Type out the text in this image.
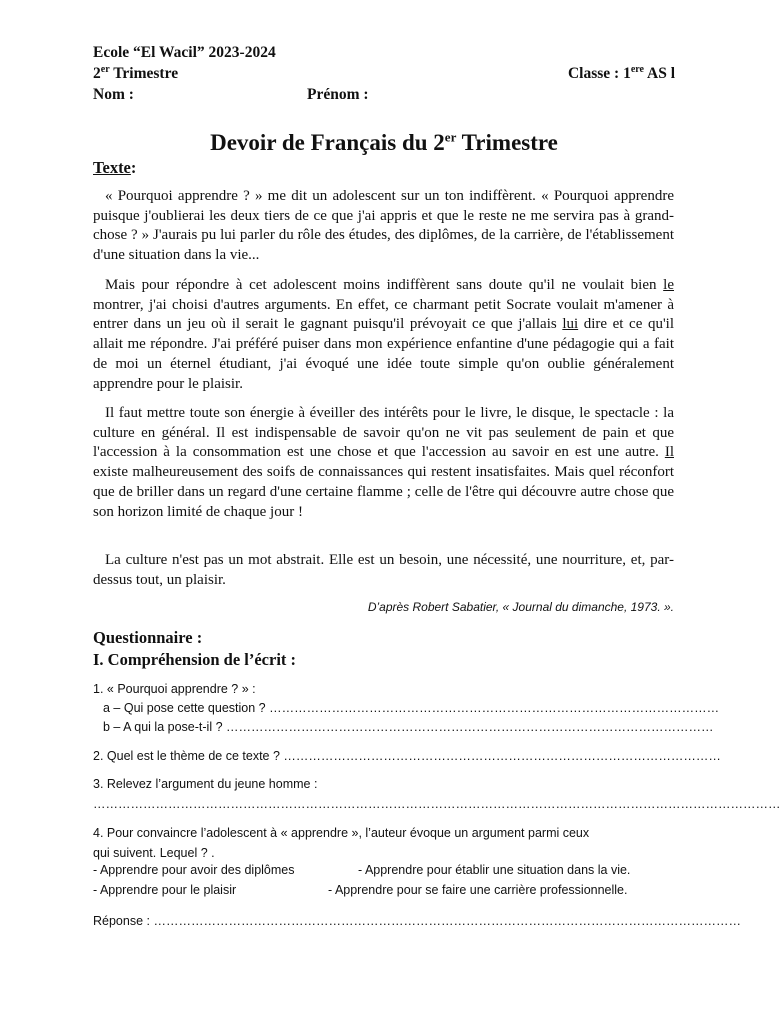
Ecole “El Wacil” 2023-2024
2er Trimestre	Classe : 1ere AS l
Nom :	Prénom :
Devoir de Français du 2er Trimestre
Texte:

« Pourquoi apprendre ? » me dit un adolescent sur un ton indiffèrent. « Pourquoi apprendre puisque j'oublierai les deux tiers de ce que j'ai appris et que le reste ne me servira pas à grand-chose ? » J'aurais pu lui parler du rôle des études, des diplômes, de la carrière, de l'établissement d'une situation dans la vie...

Mais pour répondre à cet adolescent moins indiffèrent sans doute qu'il ne voulait bien le montrer, j'ai choisi d'autres arguments. En effet, ce charmant petit Socrate voulait m'amener à entrer dans un jeu où il serait le gagnant puisqu'il prévoyait ce que j'allais lui dire et ce qu'il allait me répondre. J'ai préféré puiser dans mon expérience enfantine d'une pédagogie qui a fait de moi un éternel étudiant, j'ai évoqué une idée toute simple qu'on oublie généralement apprendre pour le plaisir.

Il faut mettre toute son énergie à éveiller des intérêts pour le livre, le disque, le spectacle : la culture en général. Il est indispensable de savoir qu'on ne vit pas seulement de pain et que l'accession à la consommation est une chose et que l'accession au savoir en est une autre. Il existe malheureusement des soifs de connaissances qui restent insatisfaites. Mais quel réconfort que de briller dans un regard d'une certaine flamme ; celle de l'être qui découvre autre chose que son horizon limité de chaque jour !

La culture n'est pas un mot abstrait. Elle est un besoin, une nécessité, une nourriture, et, par- dessus tout, un plaisir.

D’après Robert Sabatier, « Journal du dimanche, 1973. ».
Questionnaire :
I. Compréhension de l’écrit :
1. « Pourquoi apprendre ? » :
a – Qui pose cette question ? ………………………………………………………………………………………………
b – A qui la pose-t-il ? ………………………………………………………………………………………………………
2. Quel est le thème de ce texte ? ……………………………………………………………………………………………
3. Relevez l’argument du jeune homme :
…………………………………………………………………………………………………………………………………………………
4. Pour convaincre l’adolescent à « apprendre », l’auteur évoque un argument parmi ceux
qui suivent. Lequel ? .
- Apprendre pour avoir des diplômes	- Apprendre pour établir une situation dans la vie.
- Apprendre pour le plaisir	- Apprendre pour se faire une carrière professionnelle.
Réponse : ……………………………………………………………………………………………………………………………
